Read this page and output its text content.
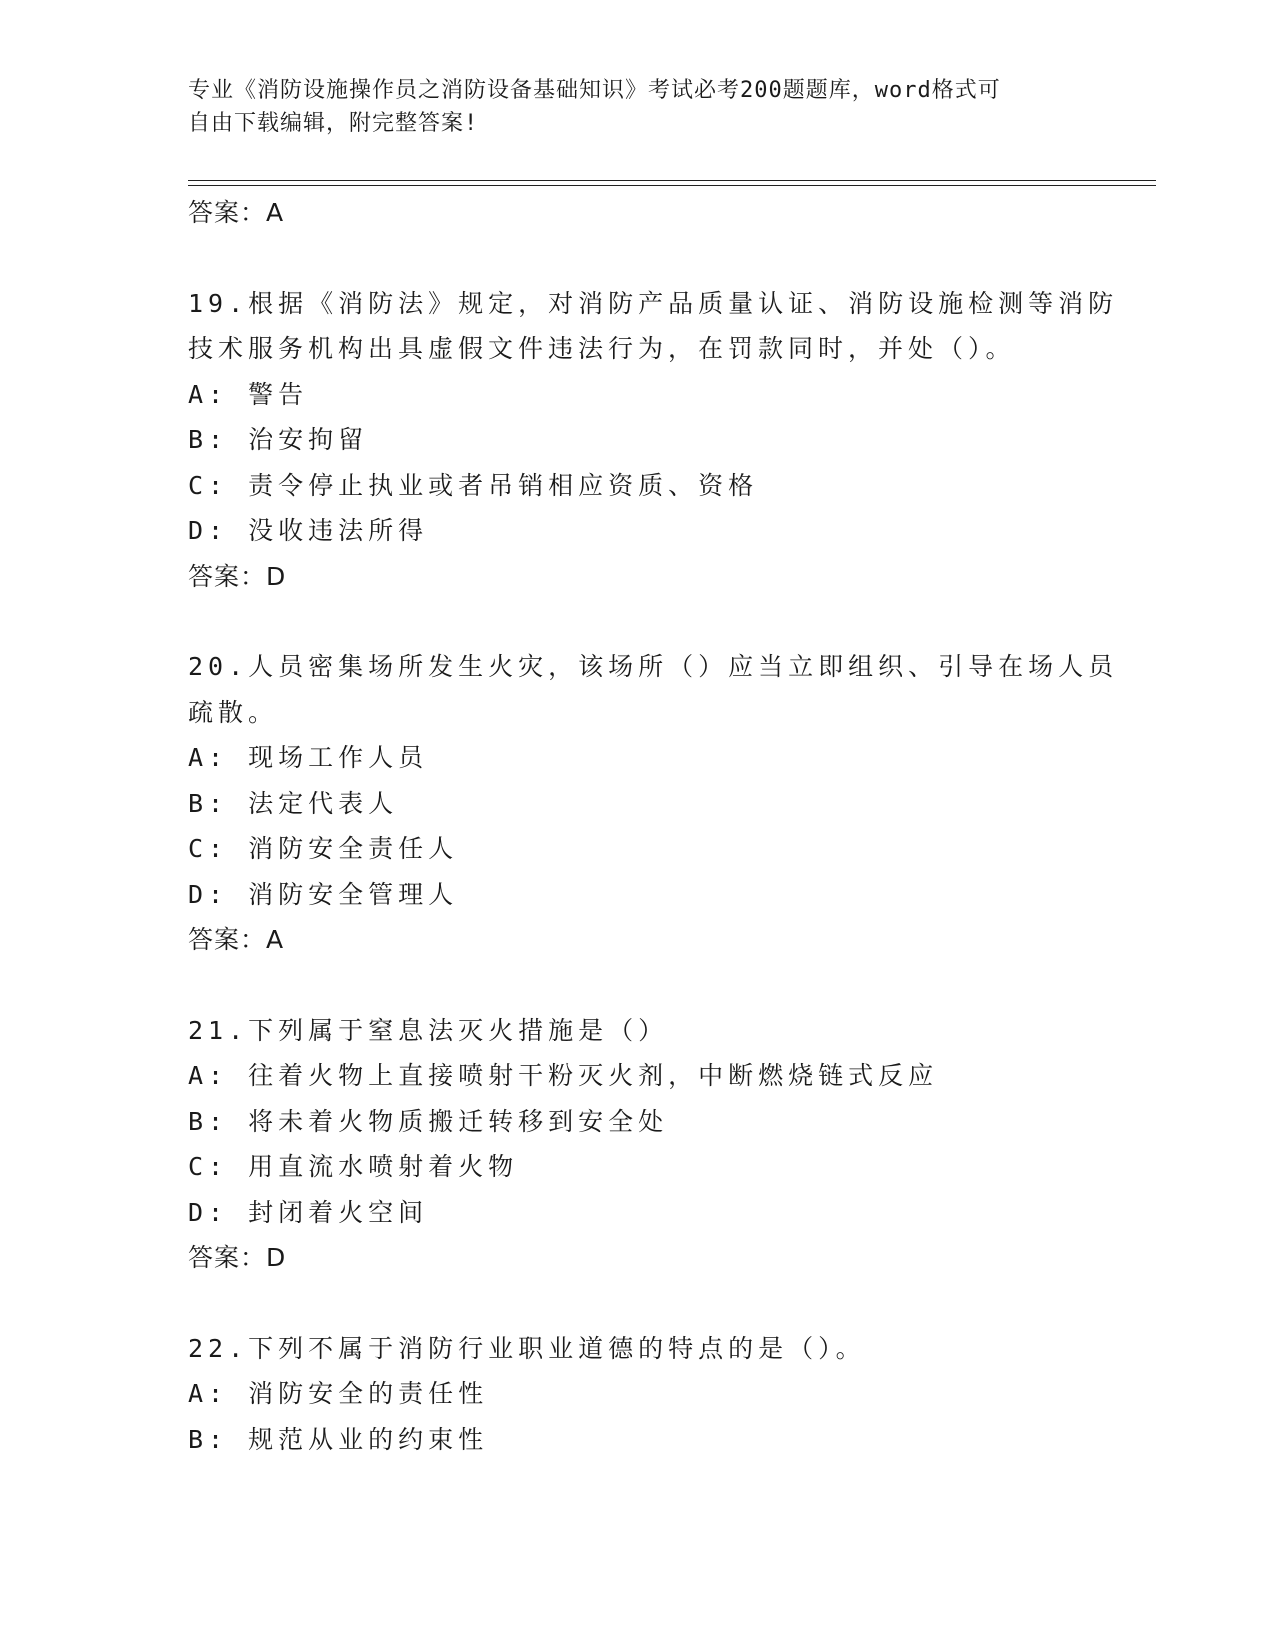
专业《消防设施操作员之消防设备基础知识》考试必考200题题库，word格式可
自由下载编辑，附完整答案!
答案：A
19.根据《消防法》规定，对消防产品质量认证、消防设施检测等消防
技术服务机构出具虚假文件违法行为，在罚款同时，并处（）。
A: 警告
B: 治安拘留
C: 责令停止执业或者吊销相应资质、资格
D: 没收违法所得
答案：D
20.人员密集场所发生火灾，该场所（）应当立即组织、引导在场人员
疏散。
A: 现场工作人员
B: 法定代表人
C: 消防安全责任人
D: 消防安全管理人
答案：A
21.下列属于窒息法灭火措施是（）
A: 往着火物上直接喷射干粉灭火剂，中断燃烧链式反应
B: 将未着火物质搬迁转移到安全处
C: 用直流水喷射着火物
D: 封闭着火空间
答案：D
22.下列不属于消防行业职业道德的特点的是（）。
A: 消防安全的责任性
B: 规范从业的约束性
